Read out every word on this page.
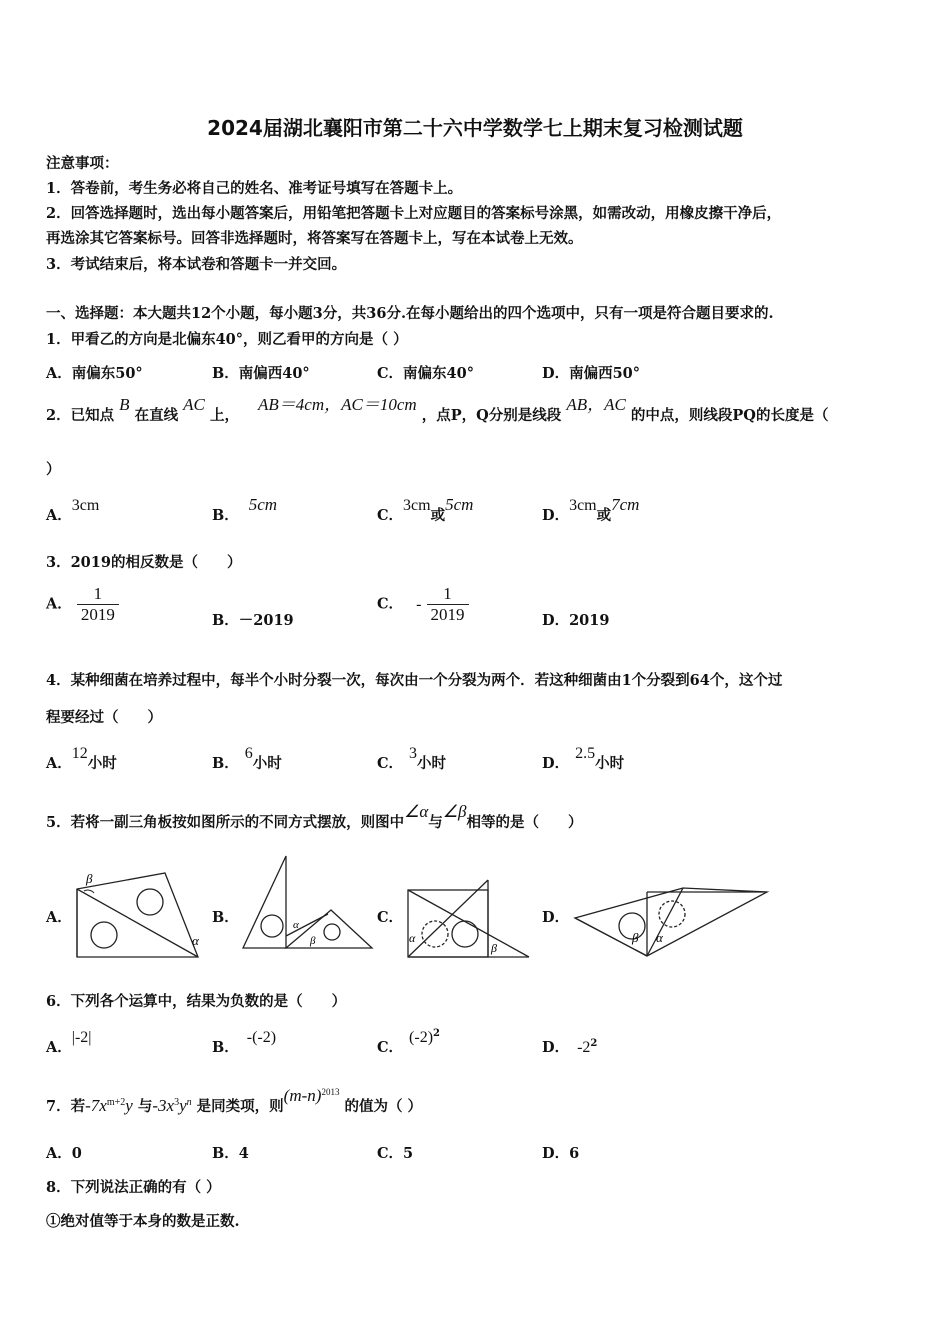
2024届湖北襄阳市第二十六中学数学七上期末复习检测试题
注意事项：
1．答卷前，考生务必将自己的姓名、准考证号填写在答题卡上。
2．回答选择题时，选出每小题答案后，用铅笔把答题卡上对应题目的答案标号涂黑，如需改动，用橡皮擦干净后，
再选涂其它答案标号。回答非选择题时，将答案写在答题卡上，写在本试卷上无效。
3．考试结束后，将本试卷和答题卡一并交回。
一、选择题：本大题共12个小题，每小题3分，共36分.在每小题给出的四个选项中，只有一项是符合题目要求的.
1．甲看乙的方向是北偏东40°，则乙看甲的方向是（ ）
A．南偏东50°	B．南偏西40°	C．南偏东40°	D．南偏西50°
2．已知点 B 在直线 AC 上， AB＝4cm，AC＝10cm ，点P，Q分别是线段 AB，AC 的中点，则线段PQ的长度是（
）
A．3cm
B．5cm
C．3cm或5cm
D．3cm或7cm
3．2019的相反数是（　　）
A． $\frac{1}{2019}$	B．－2019
C． - $\frac{1}{2019}$	D．2019
4．某种细菌在培养过程中，每半个小时分裂一次，每次由一个分裂为两个．若这种细菌由1个分裂到64个，这个过
程要经过（　　）
A．12小时	B．6小时	C．3小时	D．2.5小时
5．若将一副三角板按如图所示的不同方式摆放，则图中∠α与∠β相等的是（　　）
A．	B．	C．	D．
β
α
α
β	α
β
β α
6．下列各个运算中，结果为负数的是（　　）
A．|-2|
B．-(-2)
C．$(-2)^2$
D． $-2^2$
7．若$-7x^{m+2}y$ 与$-3x^3y^n$ 是同类项，则$(m-n)^{2013}$ 的值为（ ）
A．0	B．4	C．5	D．6
8．下列说法正确的有（ ）
①绝对值等于本身的数是正数.
